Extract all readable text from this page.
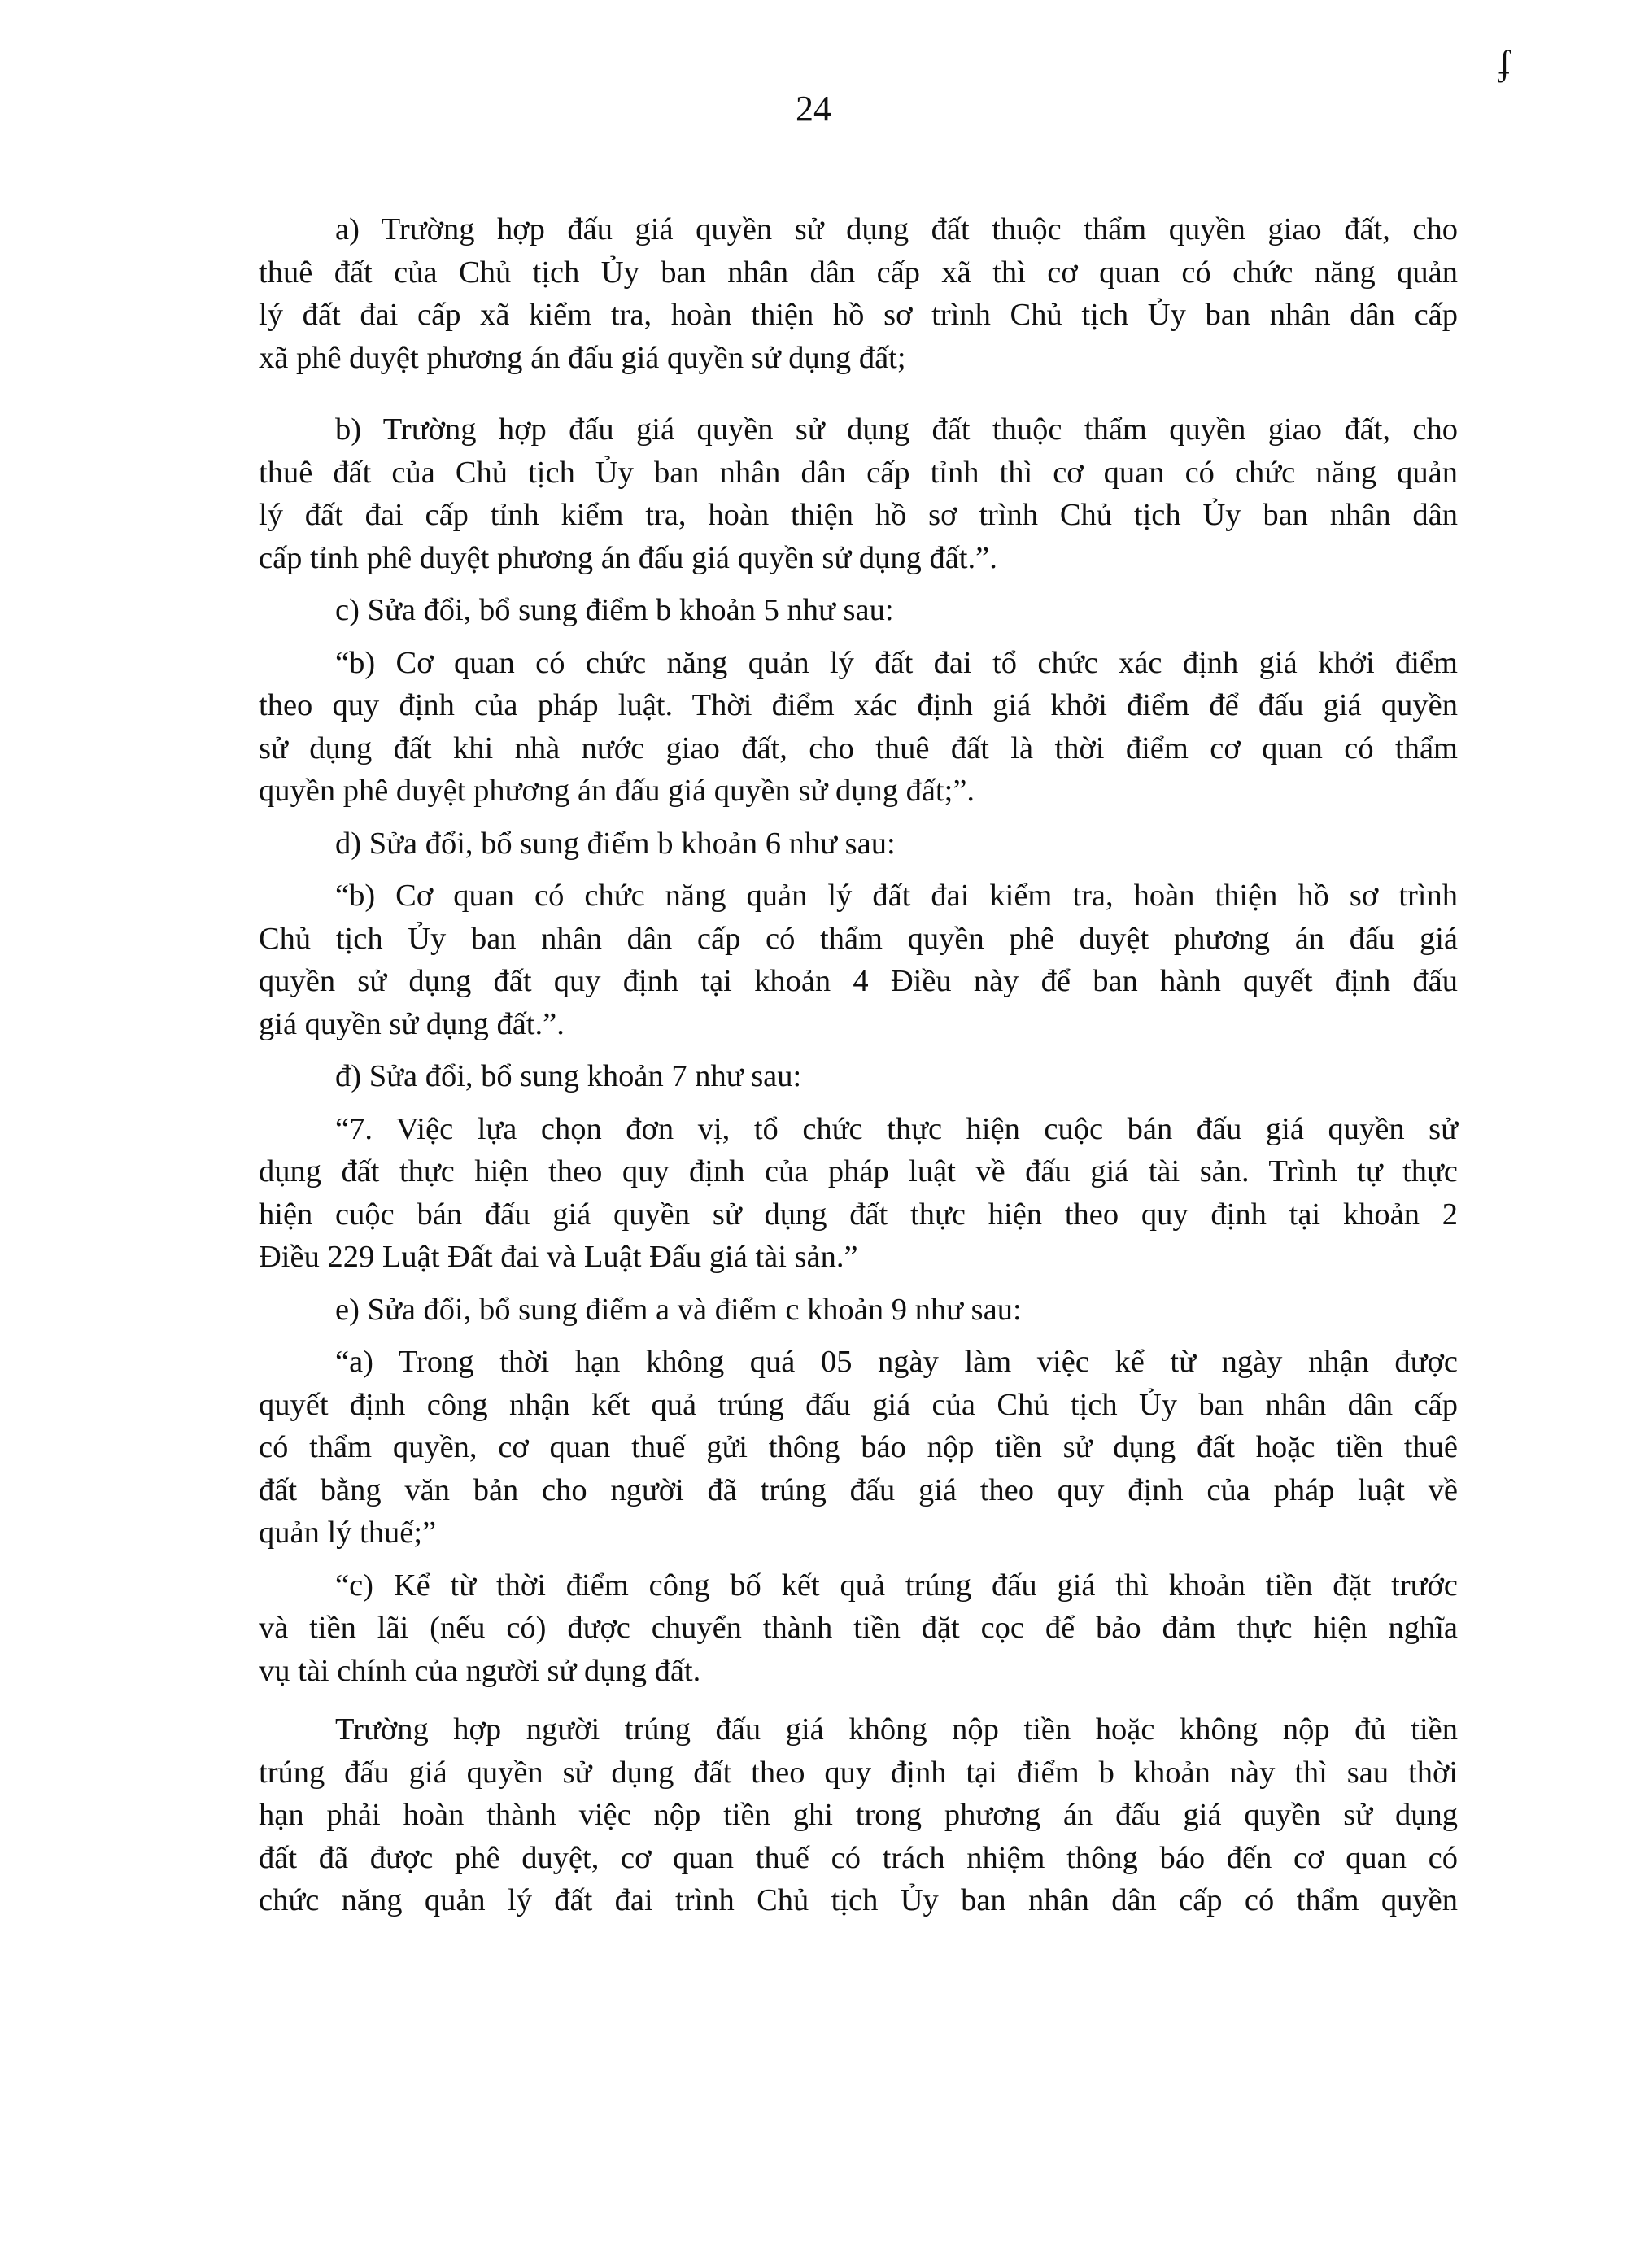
24
ʄ
a) Trường hợp đấu giá quyền sử dụng đất thuộc thẩm quyền giao đất, cho
thuê đất của Chủ tịch Ủy ban nhân dân cấp xã thì cơ quan có chức năng quản
lý đất đai cấp xã kiểm tra, hoàn thiện hồ sơ trình Chủ tịch Ủy ban nhân dân cấp
xã phê duyệt phương án đấu giá quyền sử dụng đất;
b) Trường hợp đấu giá quyền sử dụng đất thuộc thẩm quyền giao đất, cho
thuê đất của Chủ tịch Ủy ban nhân dân cấp tỉnh thì cơ quan có chức năng quản
lý đất đai cấp tỉnh kiểm tra, hoàn thiện hồ sơ trình Chủ tịch Ủy ban nhân dân
cấp tỉnh phê duyệt phương án đấu giá quyền sử dụng đất.”.
c) Sửa đổi, bổ sung điểm b khoản 5 như sau:
“b) Cơ quan có chức năng quản lý đất đai tổ chức xác định giá khởi điểm
theo quy định của pháp luật. Thời điểm xác định giá khởi điểm để đấu giá quyền
sử dụng đất khi nhà nước giao đất, cho thuê đất là thời điểm cơ quan có thẩm
quyền phê duyệt phương án đấu giá quyền sử dụng đất;”.
d) Sửa đổi, bổ sung điểm b khoản 6 như sau:
“b) Cơ quan có chức năng quản lý đất đai kiểm tra, hoàn thiện hồ sơ trình
Chủ tịch Ủy ban nhân dân cấp có thẩm quyền phê duyệt phương án đấu giá
quyền sử dụng đất quy định tại khoản 4 Điều này để ban hành quyết định đấu
giá quyền sử dụng đất.”.
đ) Sửa đổi, bổ sung khoản 7 như sau:
“7. Việc lựa chọn đơn vị, tổ chức thực hiện cuộc bán đấu giá quyền sử
dụng đất thực hiện theo quy định của pháp luật về đấu giá tài sản. Trình tự thực
hiện cuộc bán đấu giá quyền sử dụng đất thực hiện theo quy định tại khoản 2
Điều 229 Luật Đất đai và Luật Đấu giá tài sản.”
e) Sửa đổi, bổ sung điểm a và điểm c khoản 9 như sau:
“a) Trong thời hạn không quá 05 ngày làm việc kể từ ngày nhận được
quyết định công nhận kết quả trúng đấu giá của Chủ tịch Ủy ban nhân dân cấp
có thẩm quyền, cơ quan thuế gửi thông báo nộp tiền sử dụng đất hoặc tiền thuê
đất bằng văn bản cho người đã trúng đấu giá theo quy định của pháp luật về
quản lý thuế;”
“c) Kể từ thời điểm công bố kết quả trúng đấu giá thì khoản tiền đặt trước
và tiền lãi (nếu có) được chuyển thành tiền đặt cọc để bảo đảm thực hiện nghĩa
vụ tài chính của người sử dụng đất.
Trường hợp người trúng đấu giá không nộp tiền hoặc không nộp đủ tiền
trúng đấu giá quyền sử dụng đất theo quy định tại điểm b khoản này thì sau thời
hạn phải hoàn thành việc nộp tiền ghi trong phương án đấu giá quyền sử dụng
đất đã được phê duyệt, cơ quan thuế có trách nhiệm thông báo đến cơ quan có
chức năng quản lý đất đai trình Chủ tịch Ủy ban nhân dân cấp có thẩm quyền
